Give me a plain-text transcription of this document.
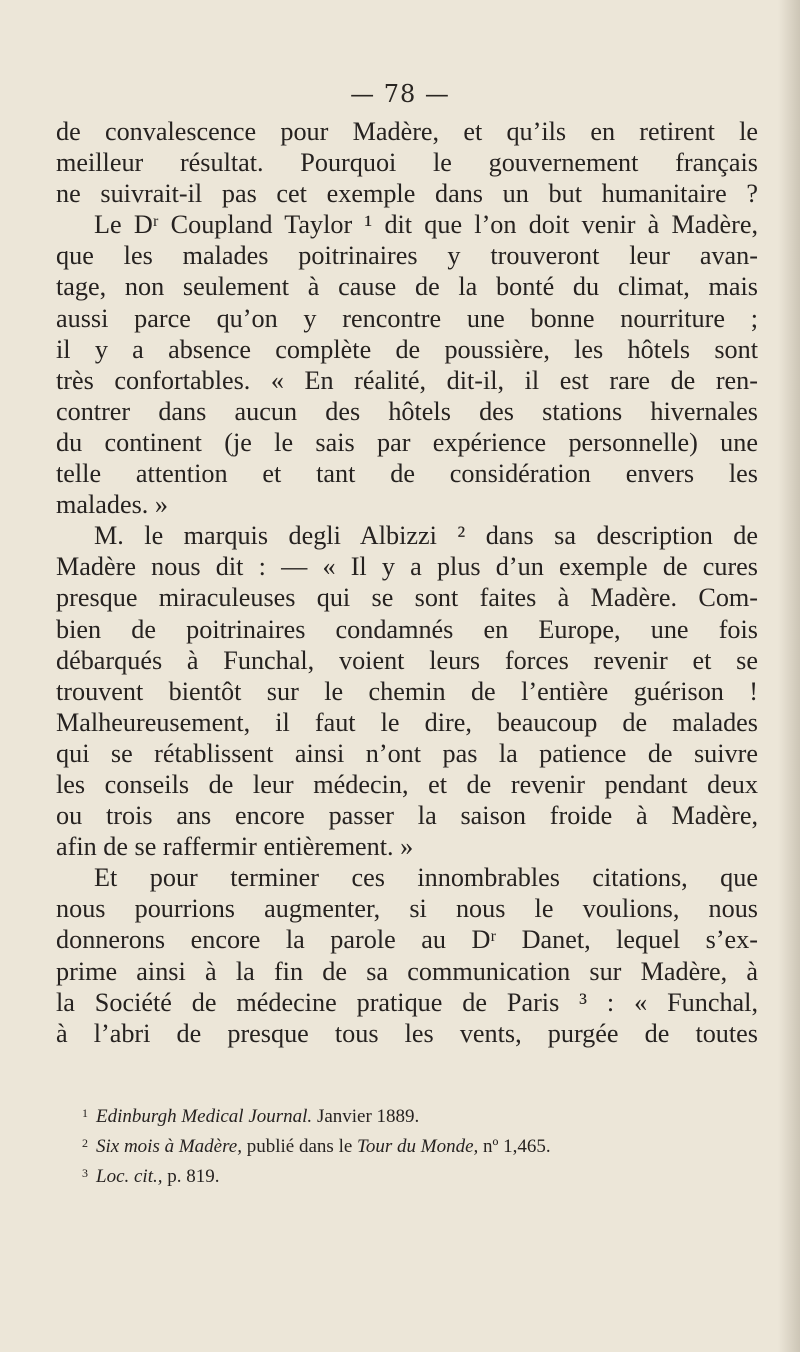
— 78 —
de convalescence pour Madère, et qu’ils en retirent le
meilleur résultat. Pourquoi le gouvernement français
ne suivrait-il pas cet exemple dans un but humanitaire ?
Le Dʳ Coupland Taylor ¹ dit que l’on doit venir à Madère,
que les malades poitrinaires y trouveront leur avan-
tage, non seulement à cause de la bonté du climat, mais
aussi parce qu’on y rencontre une bonne nourriture ;
il y a absence complète de poussière, les hôtels sont
très confortables. « En réalité, dit-il, il est rare de ren-
contrer dans aucun des hôtels des stations hivernales
du continent (je le sais par expérience personnelle) une
telle attention et tant de considération envers les
malades. »
M. le marquis degli Albizzi ² dans sa description de
Madère nous dit : — « Il y a plus d’un exemple de cures
presque miraculeuses qui se sont faites à Madère. Com-
bien de poitrinaires condamnés en Europe, une fois
débarqués à Funchal, voient leurs forces revenir et se
trouvent bientôt sur le chemin de l’entière guérison !
Malheureusement, il faut le dire, beaucoup de malades
qui se rétablissent ainsi n’ont pas la patience de suivre
les conseils de leur médecin, et de revenir pendant deux
ou trois ans encore passer la saison froide à Madère,
afin de se raffermir entièrement. »
Et pour terminer ces innombrables citations, que
nous pourrions augmenter, si nous le voulions, nous
donnerons encore la parole au Dʳ Danet, lequel s’ex-
prime ainsi à la fin de sa communication sur Madère, à
la Société de médecine pratique de Paris ³ : « Funchal,
à l’abri de presque tous les vents, purgée de toutes
$^1$ Edinburgh Medical Journal. Janvier 1889.
$^2$ Six mois à Madère, publié dans le Tour du Monde, nº 1,465.
$^3$ Loc. cit., p. 819.
